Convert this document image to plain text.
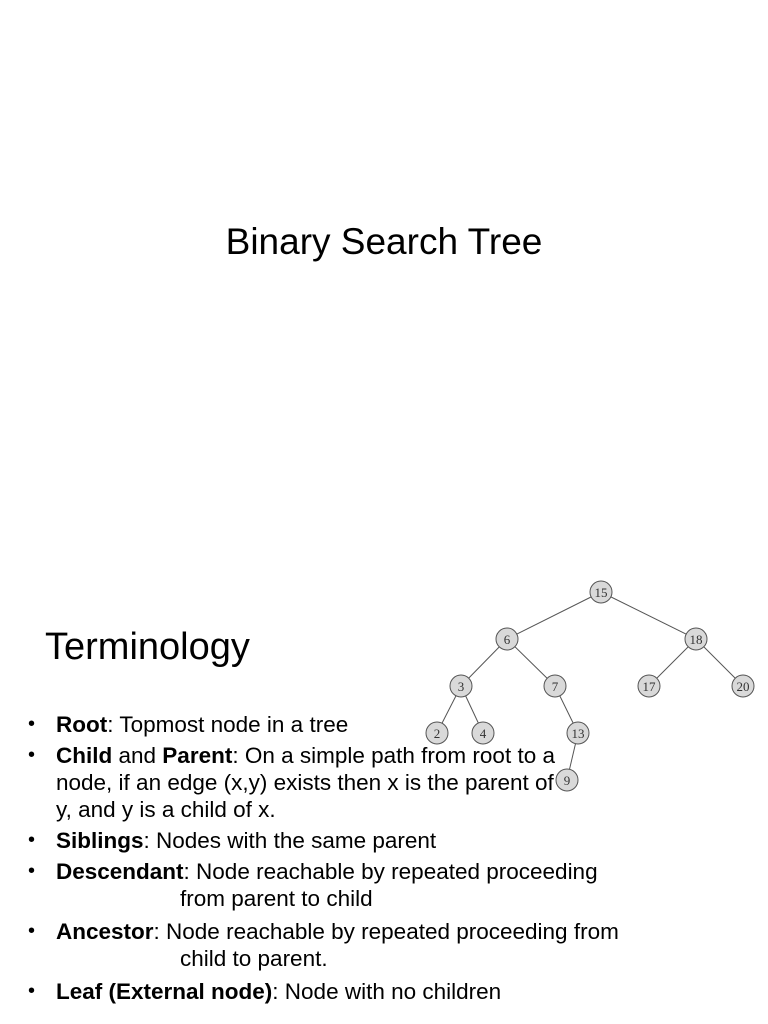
Binary Search Tree
15
6	18
3	7	17	20
2	4	13
9
Terminology
• Root: Topmost node in a tree
• Child and Parent: On a simple path from root to a node, if an edge (x,y) exists then x is the parent of y, and y is a child of x.
• Siblings: Nodes with the same parent
• Descendant: Node reachable by repeated proceeding
from parent to child
• Ancestor: Node reachable by repeated proceeding from
child to parent.
• Leaf (External node): Node with no children
